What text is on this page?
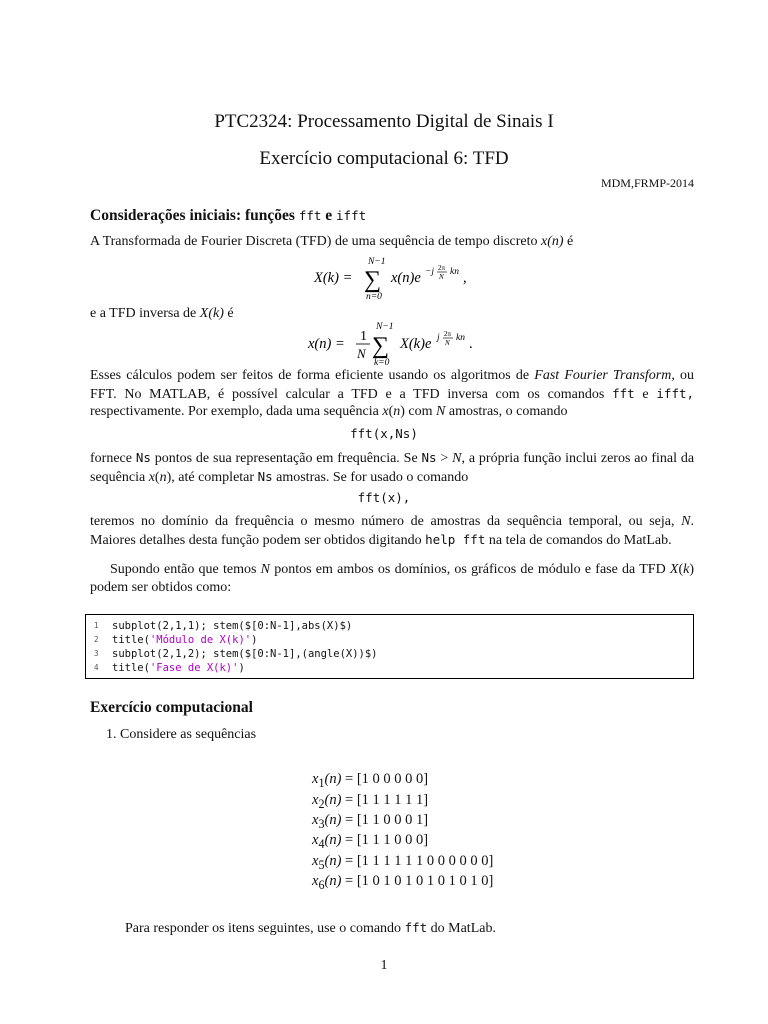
PTC2324: Processamento Digital de Sinais I
Exercício computacional 6: TFD
MDM,FRMP-2014
Considerações iniciais: funções fft e ifft
A Transformada de Fourier Discreta (TFD) de uma sequência de tempo discreto x(n) é
X(k) =
N−1
∑
n=0
x(n)e −j 2π
N kn ,
e a TFD inversa de X(k) é
x(n) = 1
N
N−1
∑
k=0
X(k)e j 2π
N kn .
Esses cálculos podem ser feitos de forma eficiente usando os algoritmos de Fast Fourier Transform, ou FFT. No MATLAB, é possível calcular a TFD e a TFD inversa com os comandos fft e ifft, respectivamente. Por exemplo, dada uma sequência x(n) com N amostras, o comando
fft(x,Ns)
fornece Ns pontos de sua representação em frequência. Se Ns > N, a própria função inclui zeros ao final da sequência x(n), até completar Ns amostras. Se for usado o comando
fft(x),
teremos no domínio da frequência o mesmo número de amostras da sequência temporal, ou seja, N. Maiores detalhes desta função podem ser obtidos digitando help fft na tela de comandos do MatLab.
Supondo então que temos N pontos em ambos os domínios, os gráficos de módulo e fase da TFD X(k) podem ser obtidos como:
1	subplot(2,1,1); stem($[0:N-1],abs(X)$)
2	title( 'Módulo de X(k)' )
3	subplot(2,1,2); stem($[0:N-1],(angle(X))$)
4	title( 'Fase de X(k)' )
Exercício computacional
1. Considere as sequências
$x_1(n) = [1$ 0 0 0 0 0]
$x_2(n) = [1$ 1 1 1 1 1]
$x_3(n) = [1$ 1 0 0 0 1]
$x_4(n) = [1$ 1 1 0 0 0]
$x_5(n) = [1$ 1 1 1 1 1 0 0 0 0 0 0]
$x_6(n) = [1$ 0 1 0 1 0 1 0 1 0 1 0]
Para responder os itens seguintes, use o comando fft do MatLab.
1
